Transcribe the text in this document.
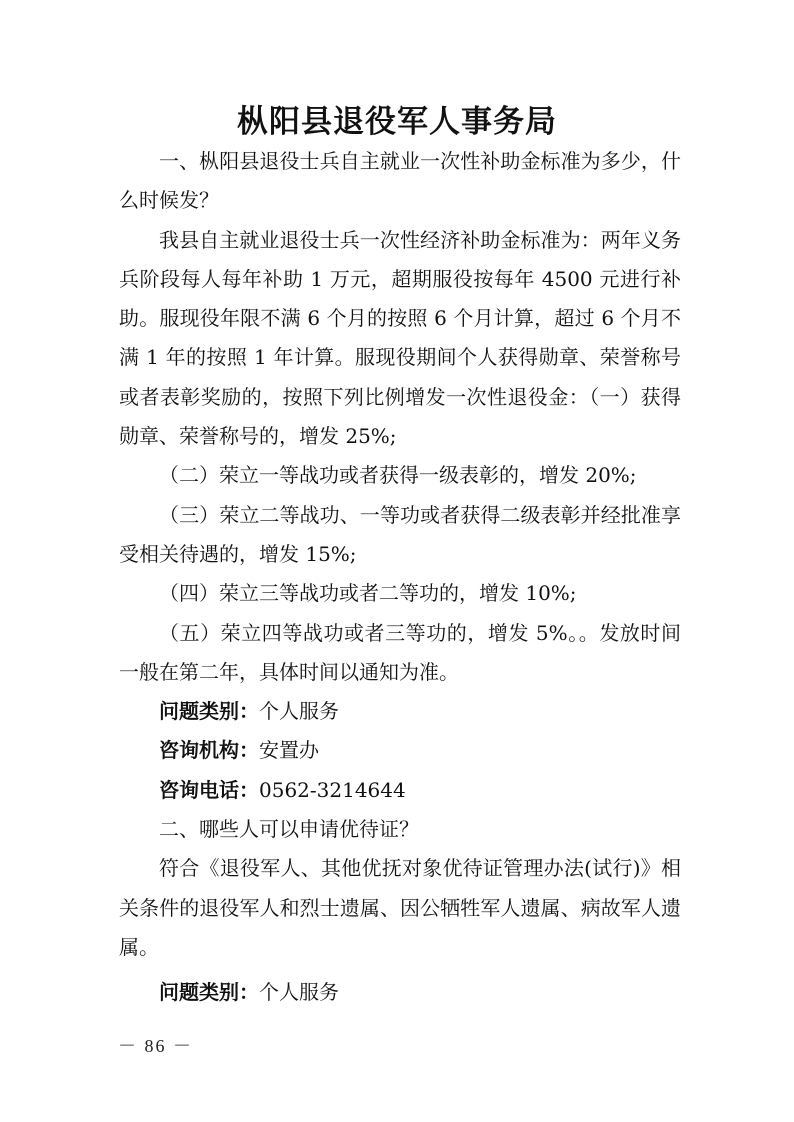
枞阳县退役军人事务局

一、枞阳县退役士兵自主就业一次性补助金标准为多少，什么时候发？

我县自主就业退役士兵一次性经济补助金标准为：两年义务兵阶段每人每年补助 1 万元，超期服役按每年 4500 元进行补助。服现役年限不满 6 个月的按照 6 个月计算，超过 6 个月不满 1 年的按照 1 年计算。服现役期间个人获得勋章、荣誉称号或者表彰奖励的，按照下列比例增发一次性退役金：（一）获得勋章、荣誉称号的，增发 25%;

（二）荣立一等战功或者获得一级表彰的，增发 20%;

（三）荣立二等战功、一等功或者获得二级表彰并经批准享受相关待遇的，增发 15%;

（四）荣立三等战功或者二等功的，增发 10%;

（五）荣立四等战功或者三等功的，增发 5%。。发放时间一般在第二年，具体时间以通知为准。

问题类别：个人服务

咨询机构：安置办

咨询电话：0562-3214644

二、哪些人可以申请优待证？

符合《退役军人、其他优抚对象优待证管理办法(试行)》相关条件的退役军人和烈士遗属、因公牺牲军人遗属、病故军人遗属。

问题类别：个人服务

－ 86 －
